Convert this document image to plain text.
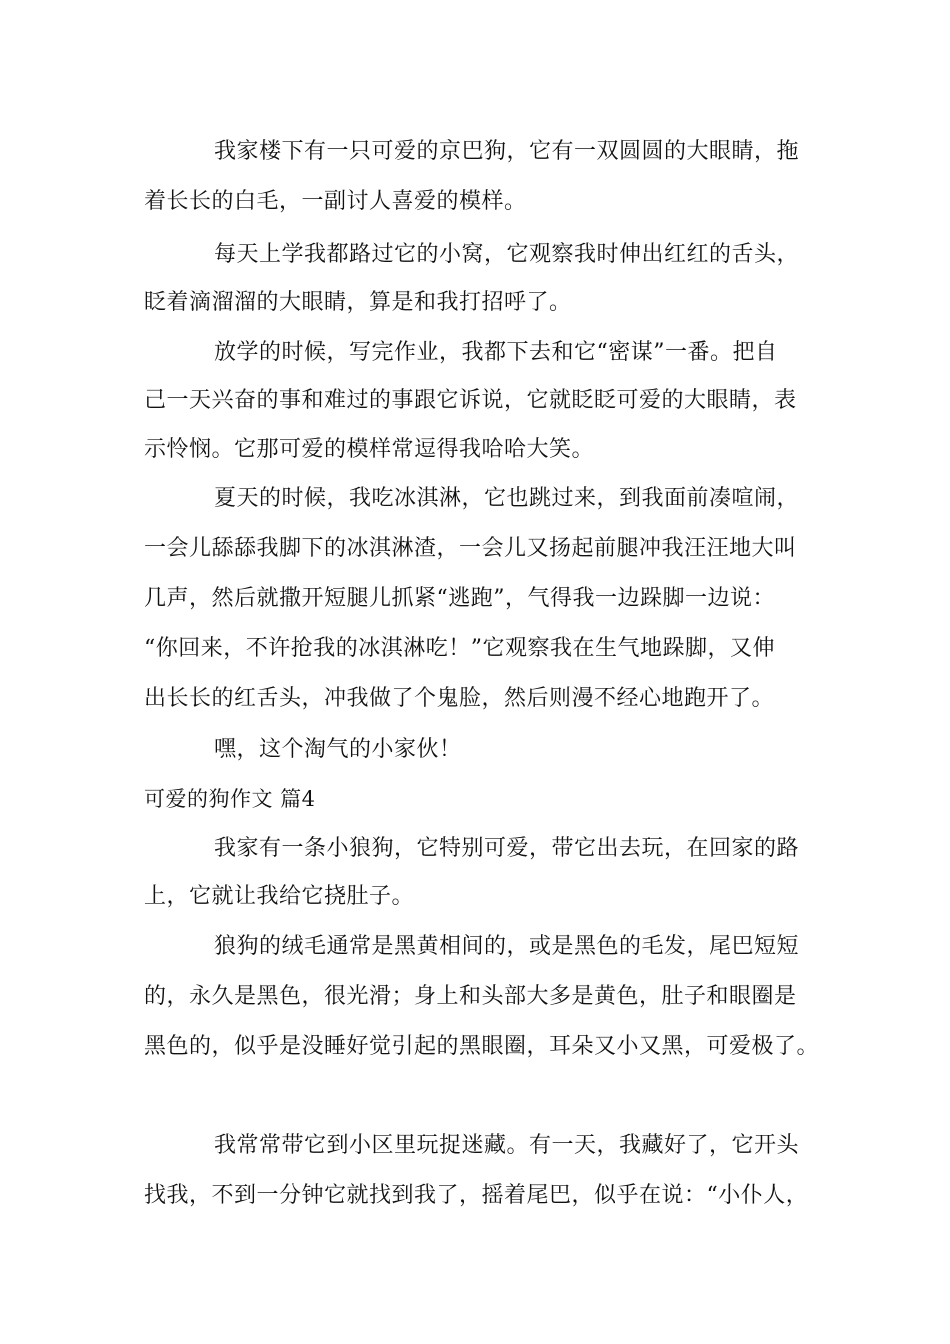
我家楼下有一只可爱的京巴狗，它有一双圆圆的大眼睛，拖
着长长的白毛，一副讨人喜爱的模样。
每天上学我都路过它的小窝，它观察我时伸出红红的舌头，
眨着滴溜溜的大眼睛，算是和我打招呼了。
放学的时候，写完作业，我都下去和它“密谋”一番。把自
己一天兴奋的事和难过的事跟它诉说，它就眨眨可爱的大眼睛，表
示怜悯。它那可爱的模样常逗得我哈哈大笑。
夏天的时候，我吃冰淇淋，它也跳过来，到我面前凑喧闹，
一会儿舔舔我脚下的冰淇淋渣，一会儿又扬起前腿冲我汪汪地大叫
几声，然后就撒开短腿儿抓紧“逃跑”，气得我一边跺脚一边说：
“你回来，不许抢我的冰淇淋吃！”它观察我在生气地跺脚，又伸
出长长的红舌头，冲我做了个鬼脸，然后则漫不经心地跑开了。
嘿，这个淘气的小家伙！
可爱的狗作文 篇4
我家有一条小狼狗，它特别可爱，带它出去玩，在回家的路
上，它就让我给它挠肚子。
狼狗的绒毛通常是黑黄相间的，或是黑色的毛发，尾巴短短
的，永久是黑色，很光滑；身上和头部大多是黄色，肚子和眼圈是
黑色的，似乎是没睡好觉引起的黑眼圈，耳朵又小又黑，可爱极了。
我常常带它到小区里玩捉迷藏。有一天，我藏好了，它开头
找我，不到一分钟它就找到我了，摇着尾巴，似乎在说：“小仆人，
